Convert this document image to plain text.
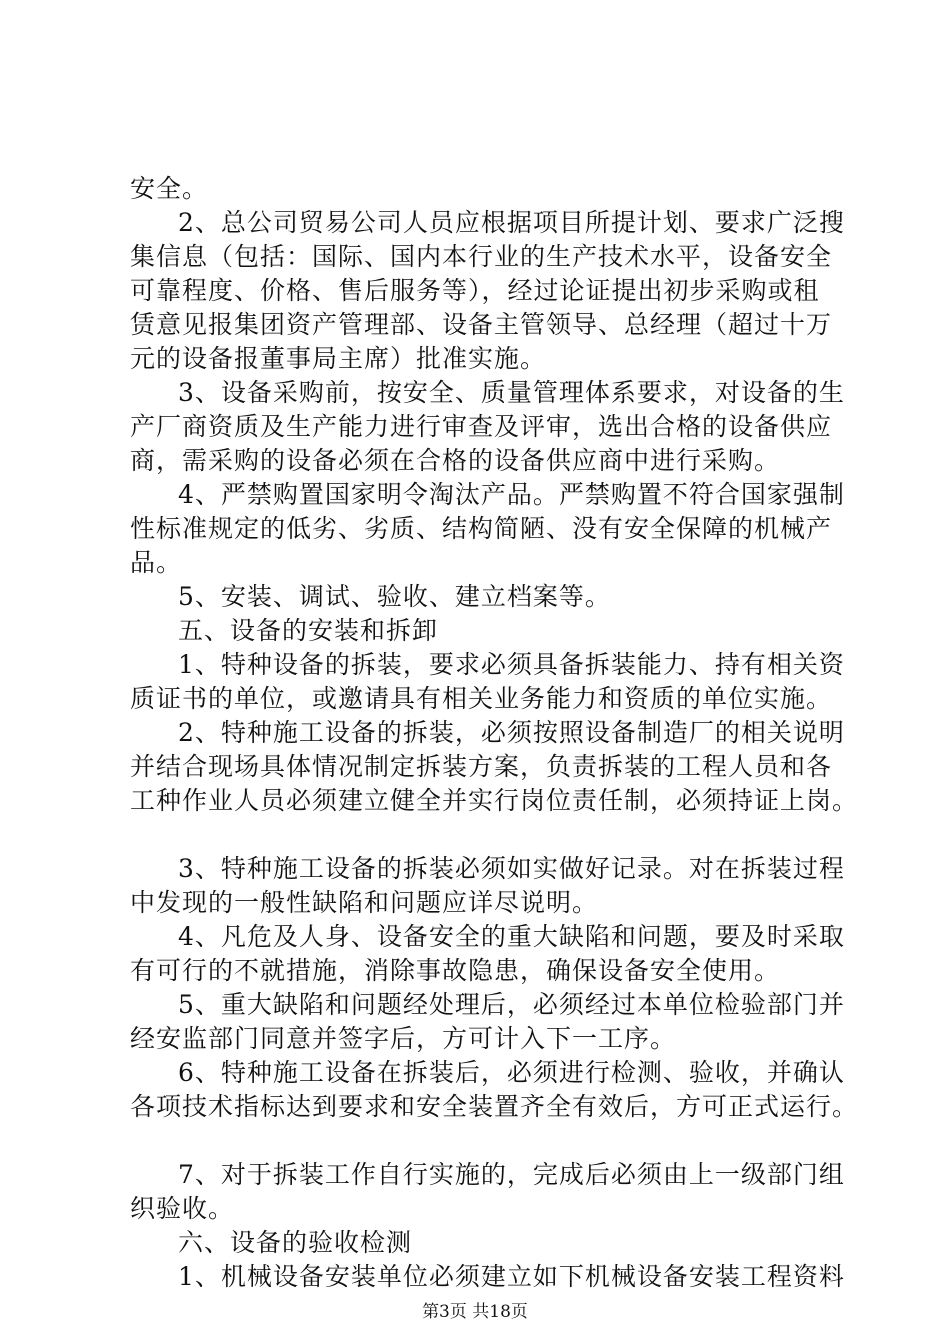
安全。
2、总公司贸易公司人员应根据项目所提计划、要求广泛搜
集信息（包括：国际、国内本行业的生产技术水平，设备安全
可靠程度、价格、售后服务等），经过论证提出初步采购或租
赁意见报集团资产管理部、设备主管领导、总经理（超过十万
元的设备报董事局主席）批准实施。
3、设备采购前，按安全、质量管理体系要求，对设备的生
产厂商资质及生产能力进行审查及评审，选出合格的设备供应
商，需采购的设备必须在合格的设备供应商中进行采购。
4、严禁购置国家明令淘汰产品。严禁购置不符合国家强制
性标准规定的低劣、劣质、结构简陋、没有安全保障的机械产
品。
5、安装、调试、验收、建立档案等。
五、设备的安装和拆卸
1、特种设备的拆装，要求必须具备拆装能力、持有相关资
质证书的单位，或邀请具有相关业务能力和资质的单位实施。
2、特种施工设备的拆装，必须按照设备制造厂的相关说明
并结合现场具体情况制定拆装方案，负责拆装的工程人员和各
工种作业人员必须建立健全并实行岗位责任制，必须持证上岗。
3、特种施工设备的拆装必须如实做好记录。对在拆装过程
中发现的一般性缺陷和问题应详尽说明。
4、凡危及人身、设备安全的重大缺陷和问题，要及时采取
有可行的不就措施，消除事故隐患，确保设备安全使用。
5、重大缺陷和问题经处理后，必须经过本单位检验部门并
经安监部门同意并签字后，方可计入下一工序。
6、特种施工设备在拆装后，必须进行检测、验收，并确认
各项技术指标达到要求和安全装置齐全有效后，方可正式运行。
7、对于拆装工作自行实施的，完成后必须由上一级部门组
织验收。
六、设备的验收检测
1、机械设备安装单位必须建立如下机械设备安装工程资料
第3页 共18页
